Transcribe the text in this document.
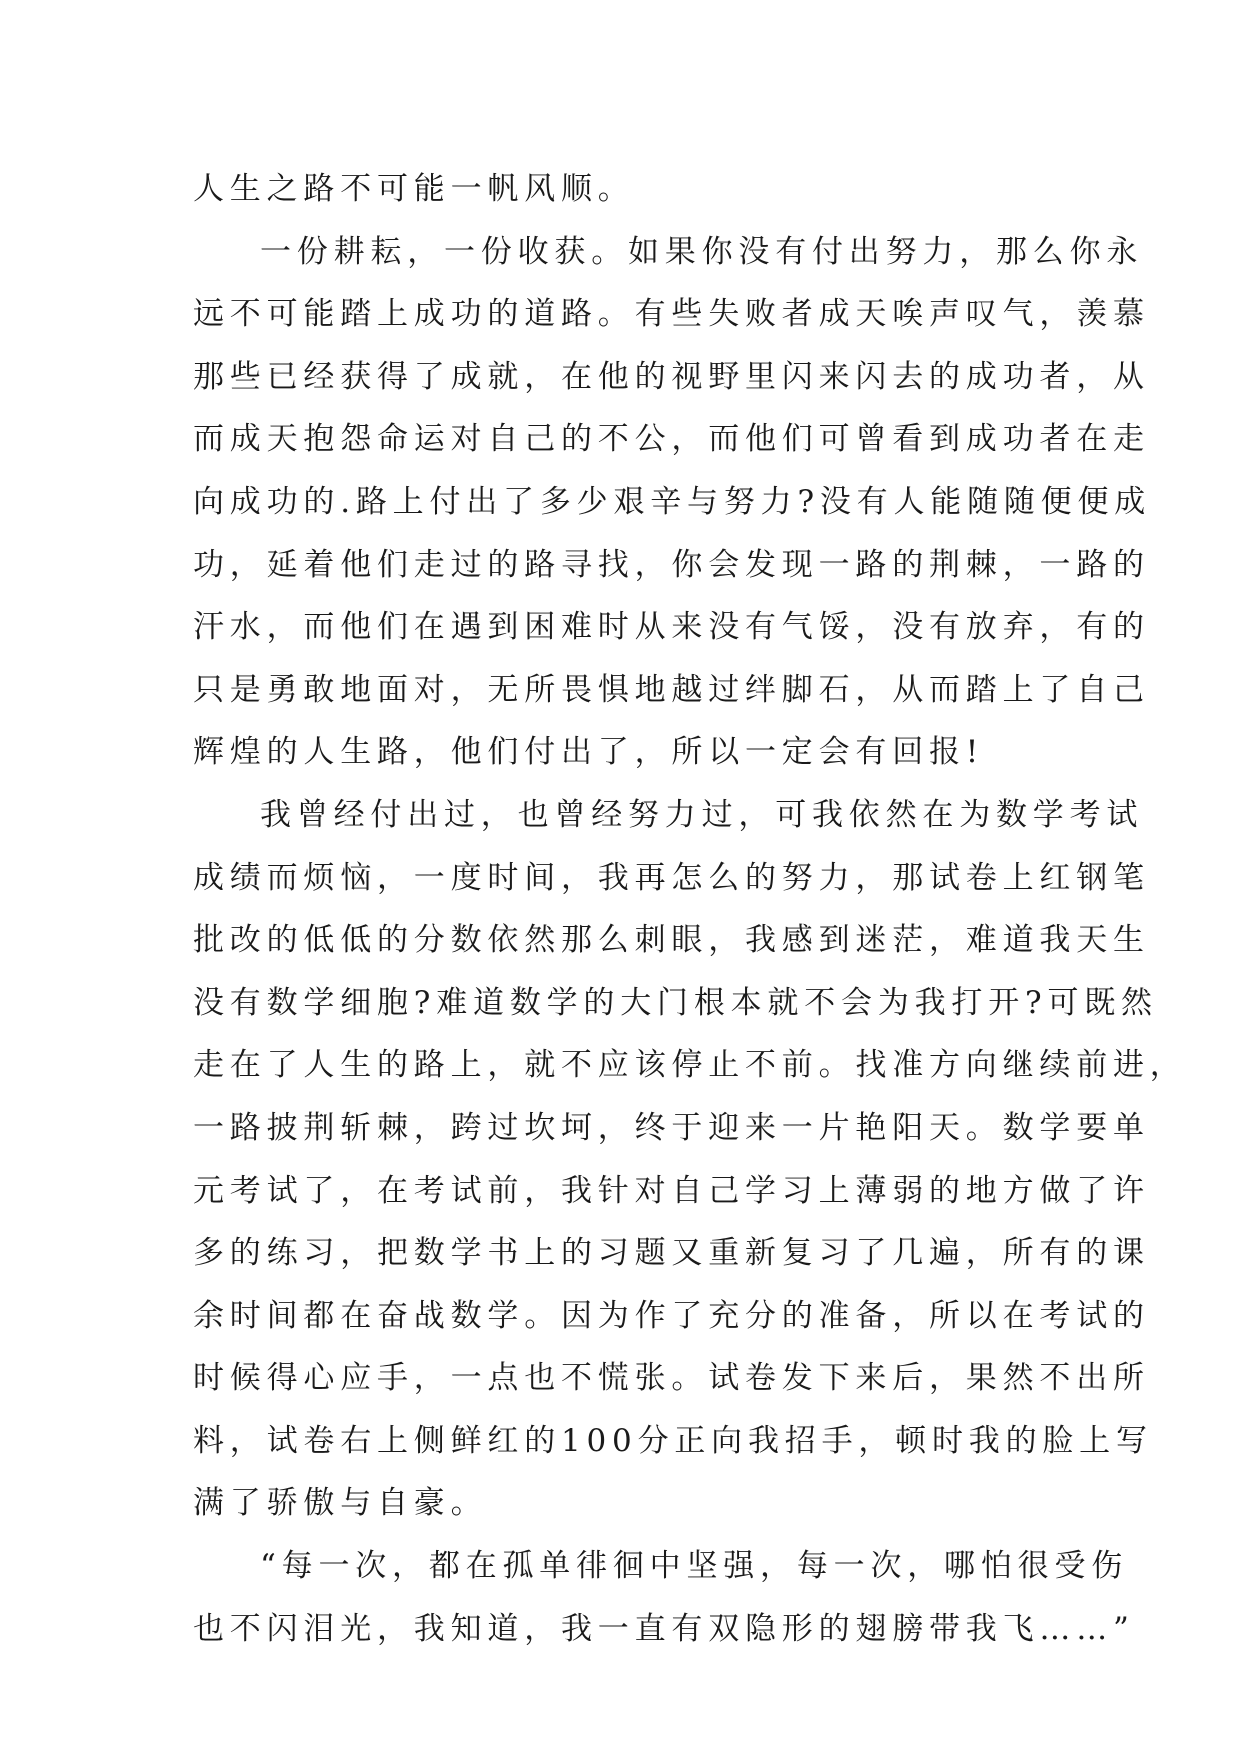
人生之路不可能一帆风顺。
一份耕耘，一份收获。如果你没有付出努力，那么你永
远不可能踏上成功的道路。有些失败者成天唉声叹气，羡慕
那些已经获得了成就，在他的视野里闪来闪去的成功者，从
而成天抱怨命运对自己的不公，而他们可曾看到成功者在走
向成功的.路上付出了多少艰辛与努力?没有人能随随便便成
功，延着他们走过的路寻找，你会发现一路的荆棘，一路的
汗水，而他们在遇到困难时从来没有气馁，没有放弃，有的
只是勇敢地面对，无所畏惧地越过绊脚石，从而踏上了自己
辉煌的人生路，他们付出了，所以一定会有回报!
我曾经付出过，也曾经努力过，可我依然在为数学考试
成绩而烦恼，一度时间，我再怎么的努力，那试卷上红钢笔
批改的低低的分数依然那么刺眼，我感到迷茫，难道我天生
没有数学细胞?难道数学的大门根本就不会为我打开?可既然
走在了人生的路上，就不应该停止不前。找准方向继续前进，
一路披荆斩棘，跨过坎坷，终于迎来一片艳阳天。数学要单
元考试了，在考试前，我针对自己学习上薄弱的地方做了许
多的练习，把数学书上的习题又重新复习了几遍，所有的课
余时间都在奋战数学。因为作了充分的准备，所以在考试的
时候得心应手，一点也不慌张。试卷发下来后，果然不出所
料，试卷右上侧鲜红的100分正向我招手，顿时我的脸上写
满了骄傲与自豪。
“每一次，都在孤单徘徊中坚强，每一次，哪怕很受伤
也不闪泪光，我知道，我一直有双隐形的翅膀带我飞……”
